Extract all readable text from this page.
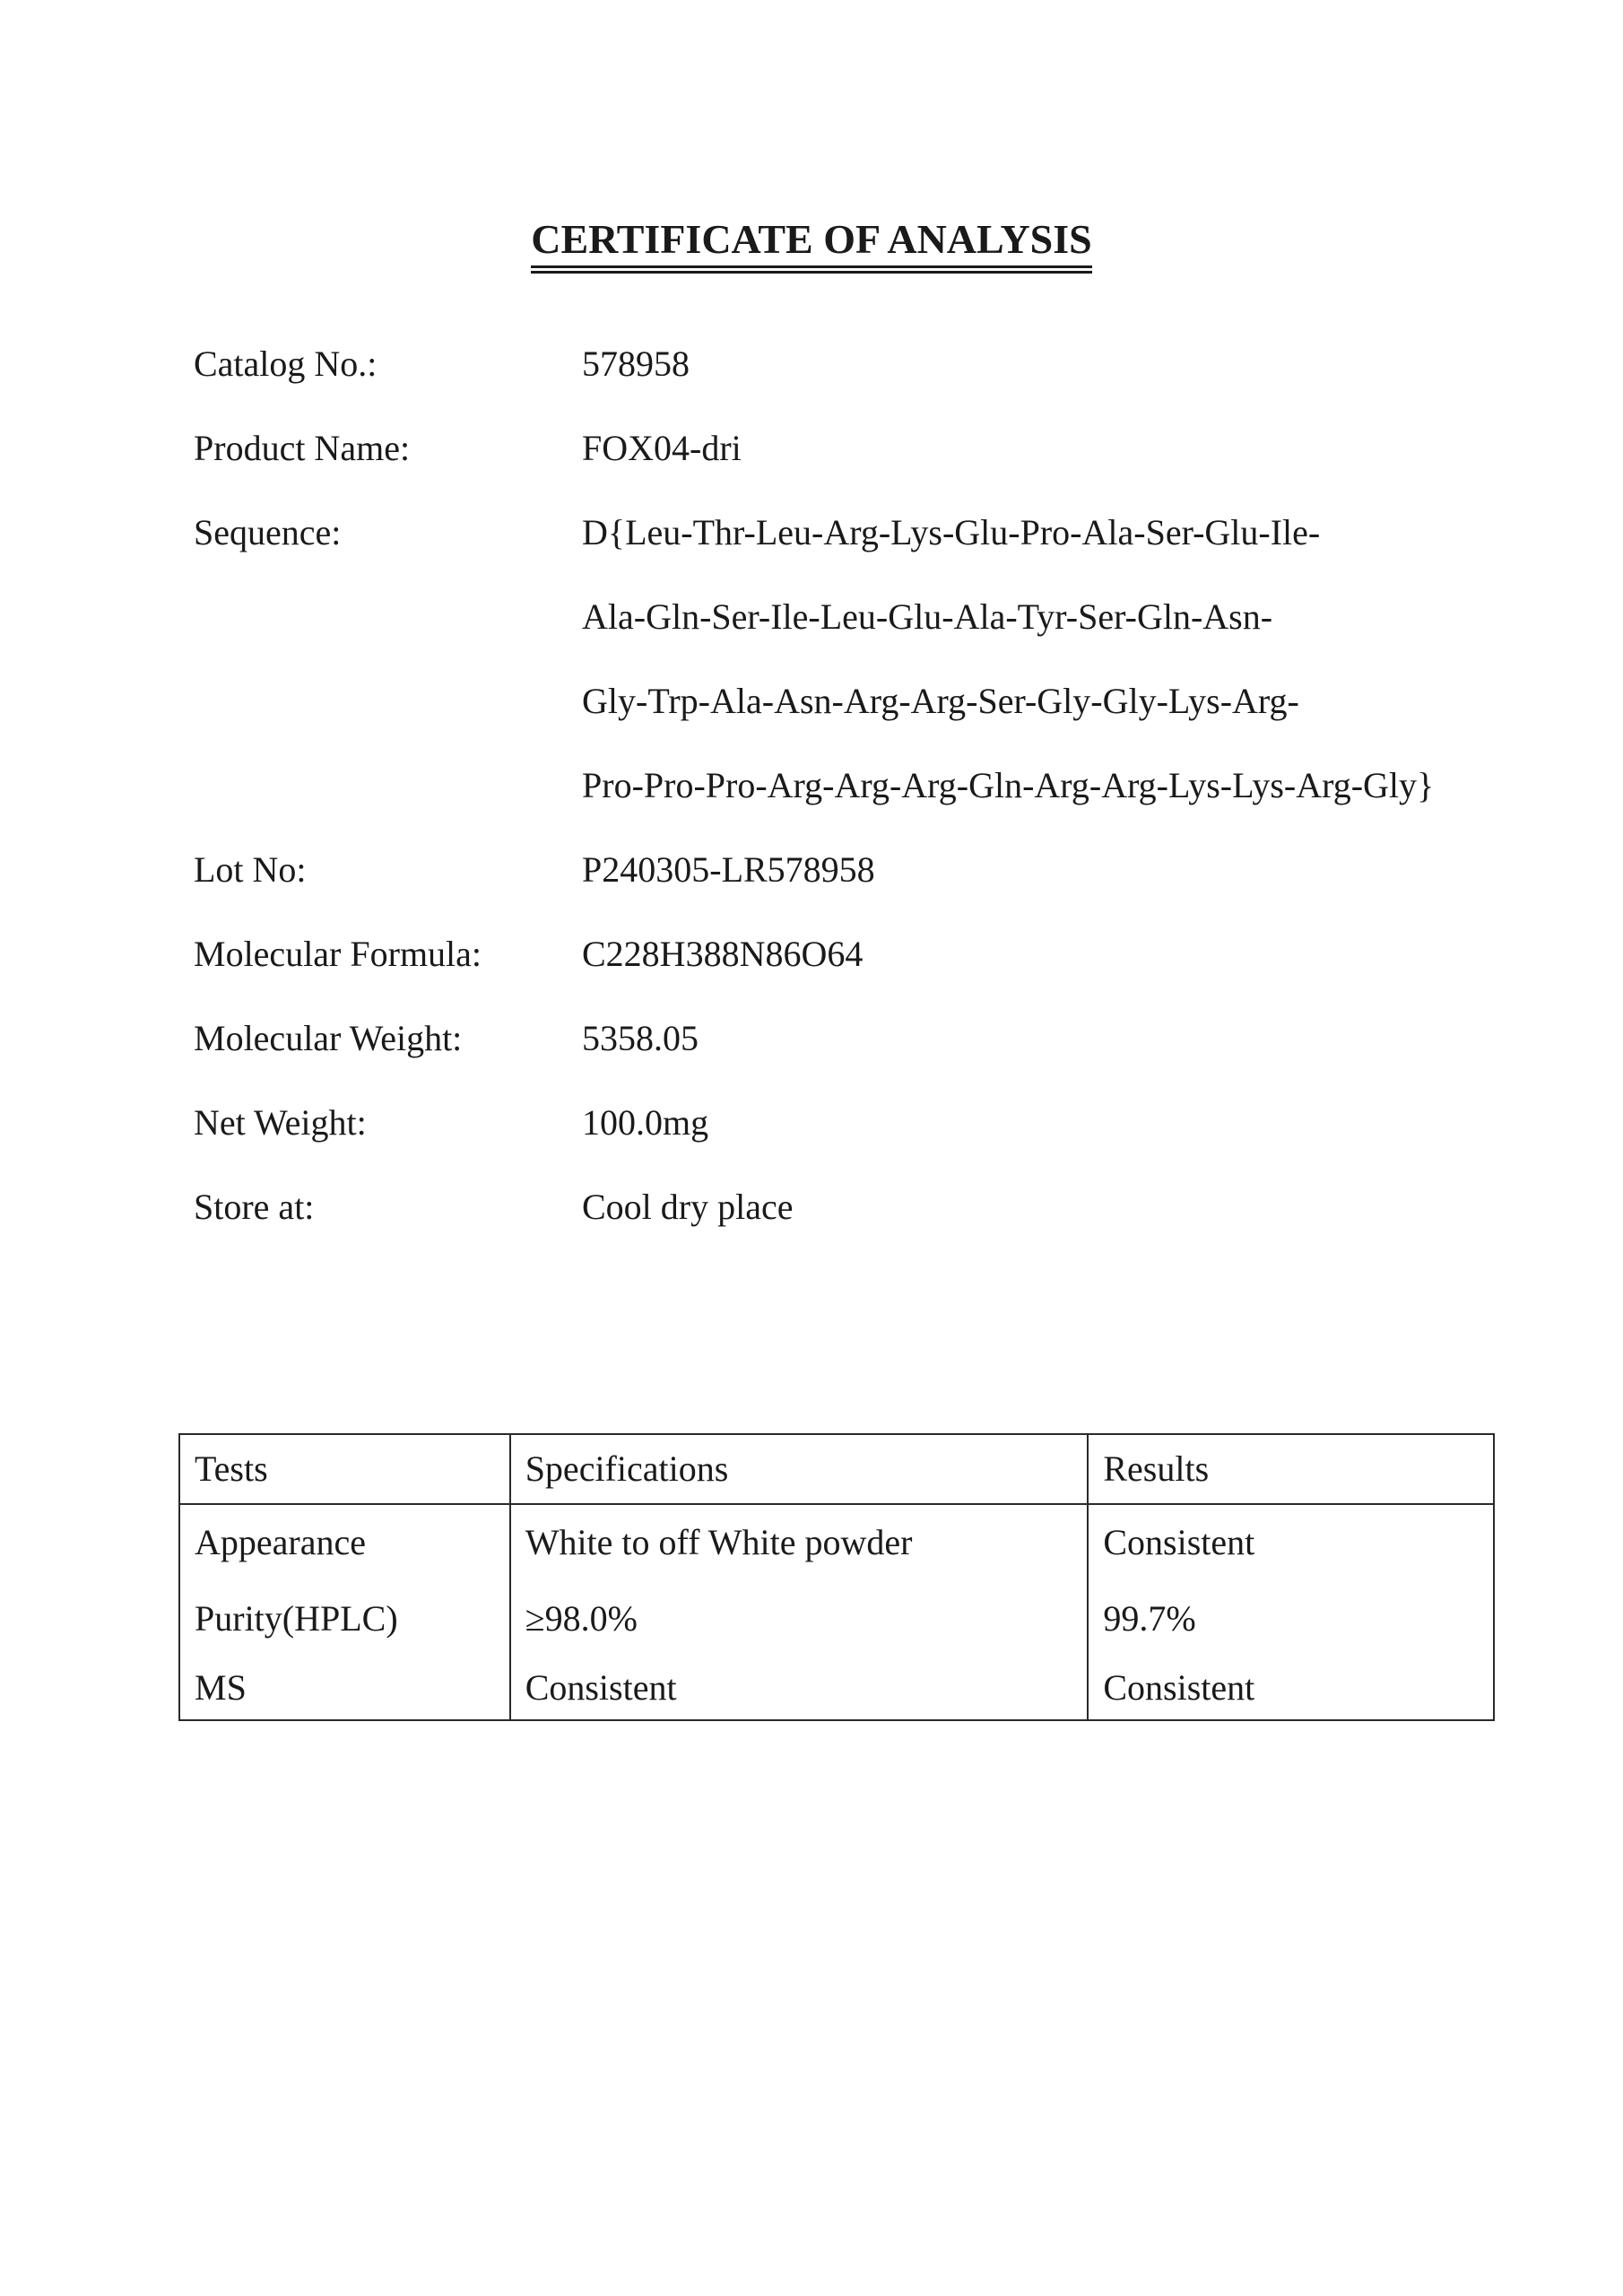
CERTIFICATE OF ANALYSIS
Catalog No.:	578958
Product Name:	FOX04-dri
Sequence:	D{Leu-Thr-Leu-Arg-Lys-Glu-Pro-Ala-Ser-Glu-Ile-
Ala-Gln-Ser-Ile-Leu-Glu-Ala-Tyr-Ser-Gln-Asn-
Gly-Trp-Ala-Asn-Arg-Arg-Ser-Gly-Gly-Lys-Arg-
Pro-Pro-Pro-Arg-Arg-Arg-Gln-Arg-Arg-Lys-Lys-Arg-Gly}
Lot No:	P240305-LR578958
Molecular Formula:	C228H388N86O64
Molecular Weight:	5358.05
Net Weight:	100.0mg
Store at:	Cool dry place
Tests	Specifications	Results
Appearance	White to off White powder	Consistent
Purity(HPLC)	≥98.0%	99.7%
MS	Consistent	Consistent
